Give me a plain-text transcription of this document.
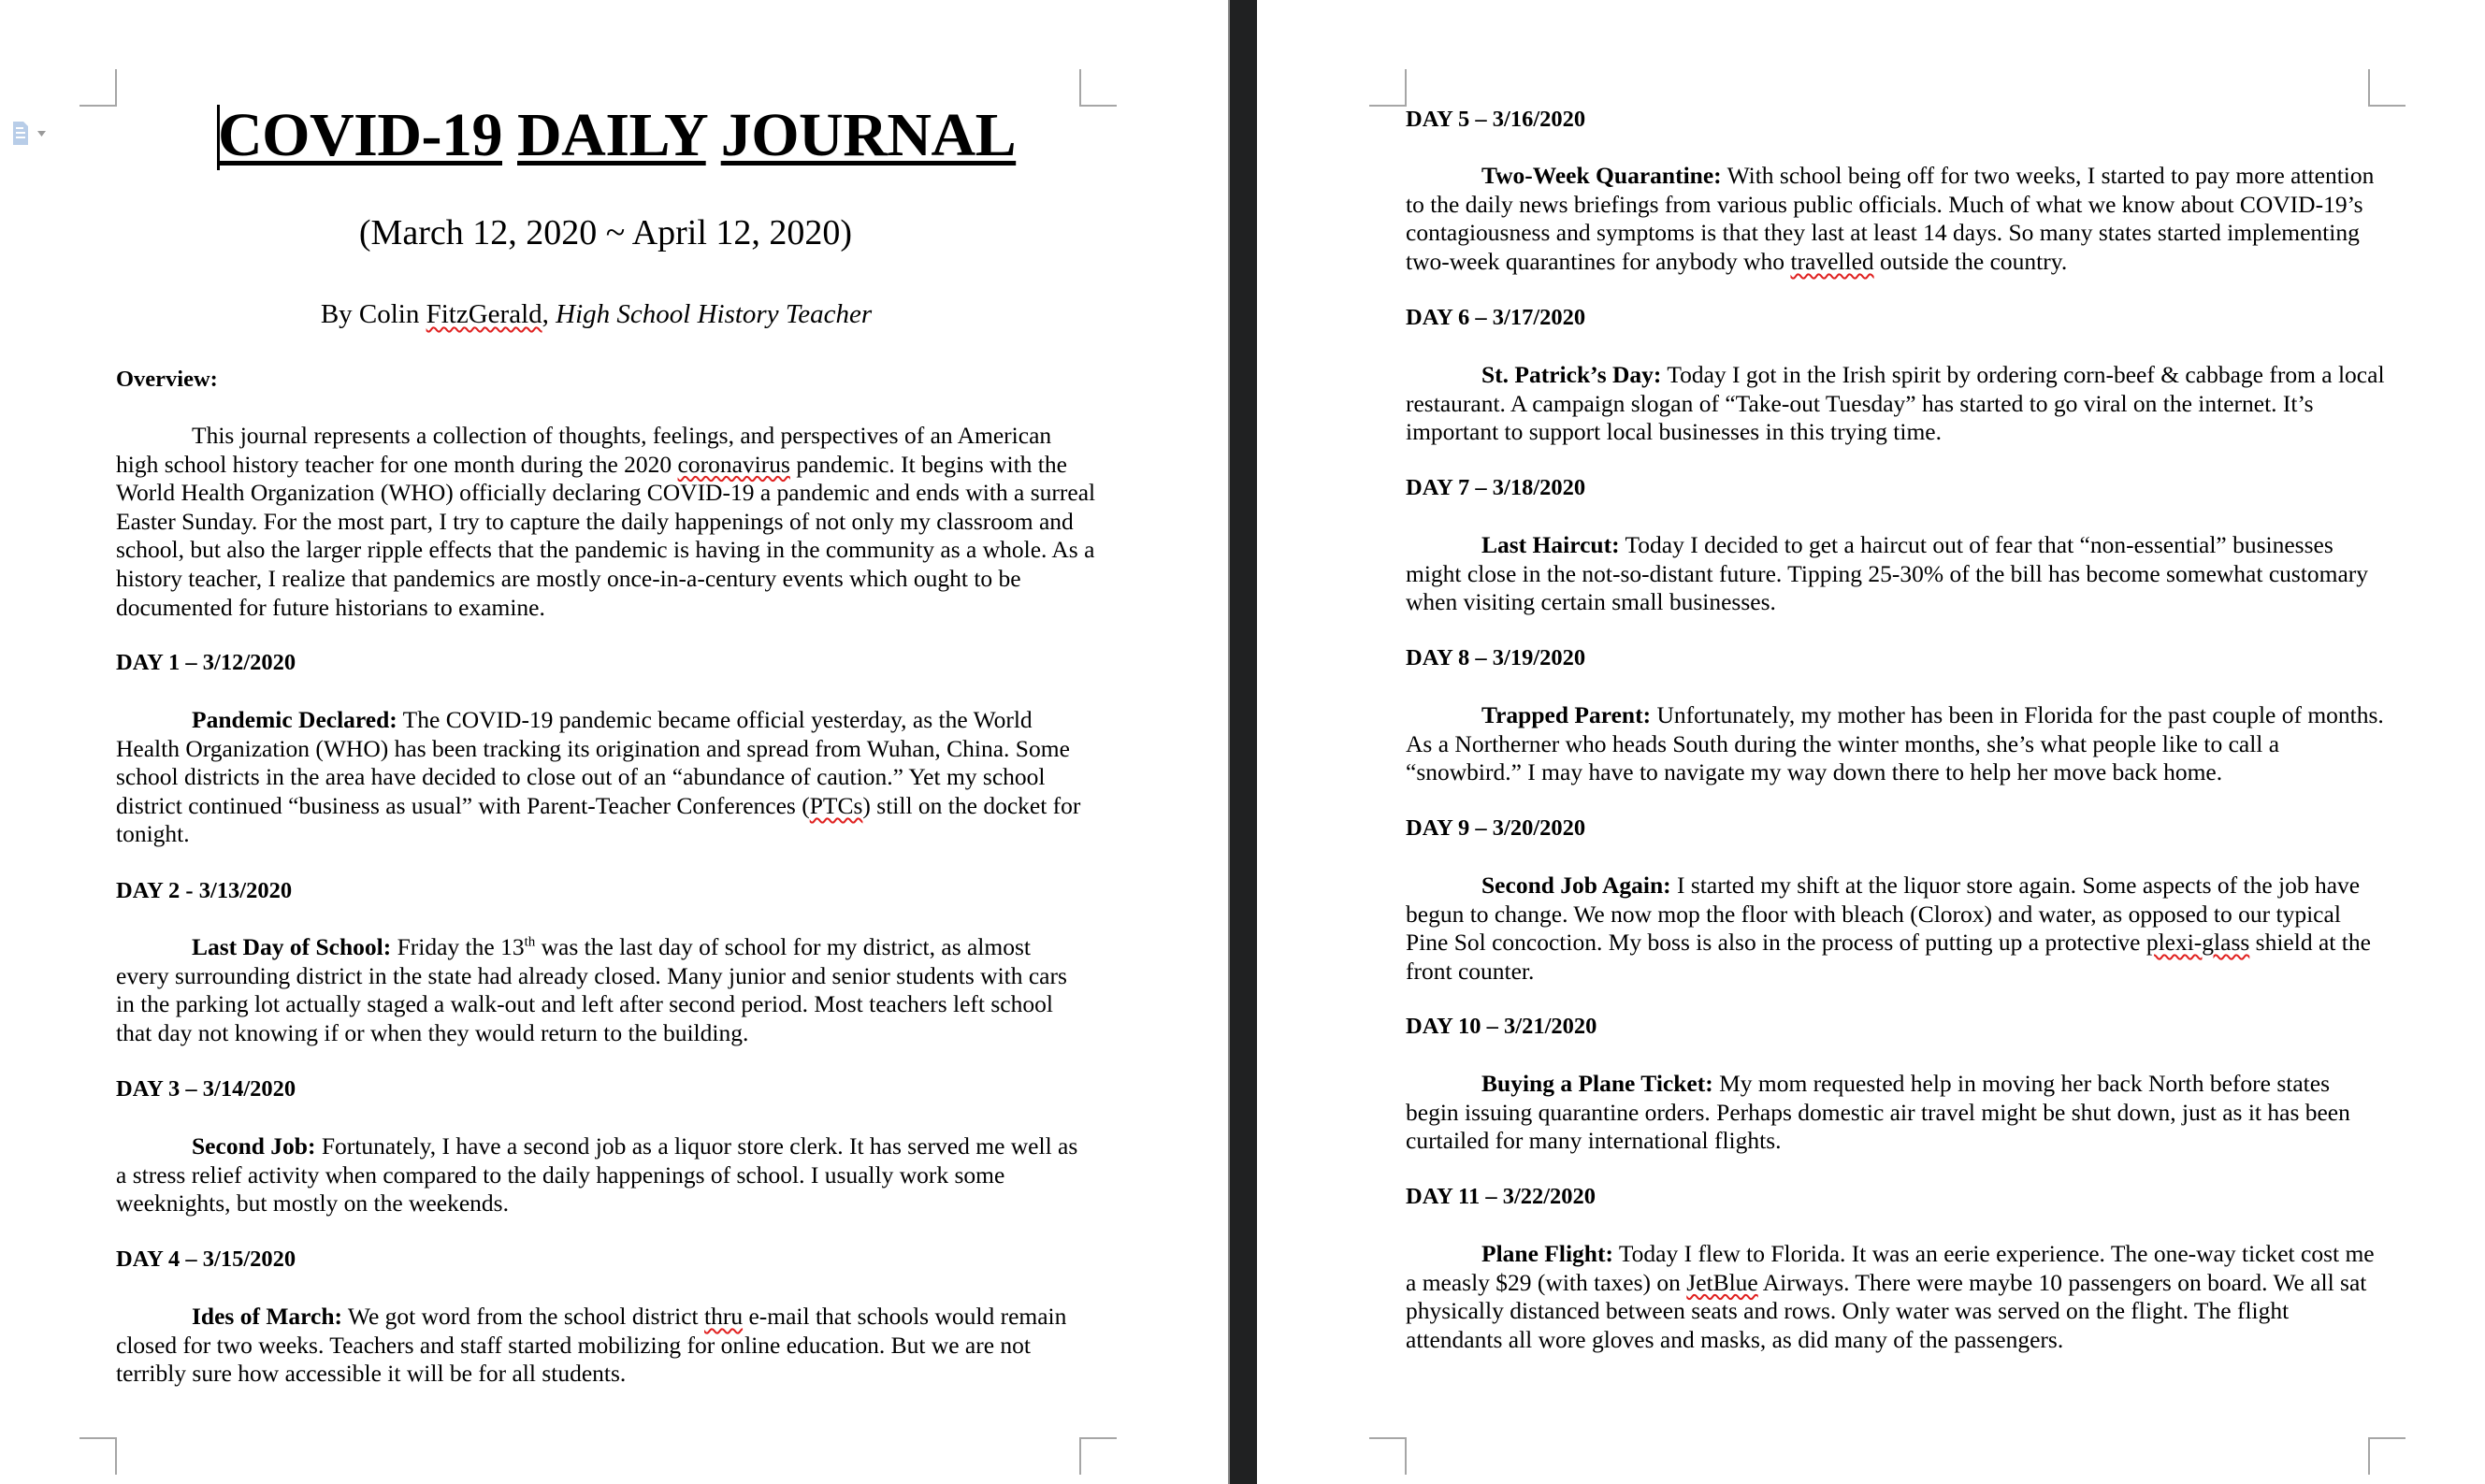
COVID-19 DAILY JOURNAL
(March 12, 2020 ~ April 12, 2020)
By Colin FitzGerald, High School History Teacher
Overview:
This journal represents a collection of thoughts, feelings, and perspectives of an American high school history teacher for one month during the 2020 coronavirus pandemic. It begins with the World Health Organization (WHO) officially declaring COVID-19 a pandemic and ends with a surreal Easter Sunday. For the most part, I try to capture the daily happenings of not only my classroom and school, but also the larger ripple effects that the pandemic is having in the community as a whole. As a history teacher, I realize that pandemics are mostly once-in-a-century events which ought to be documented for future historians to examine.
DAY 1 – 3/12/2020
Pandemic Declared: The COVID-19 pandemic became official yesterday, as the World Health Organization (WHO) has been tracking its origination and spread from Wuhan, China. Some school districts in the area have decided to close out of an “abundance of caution.” Yet my school district continued “business as usual” with Parent-Teacher Conferences (PTCs) still on the docket for tonight.
DAY 2 - 3/13/2020
Last Day of School: Friday the 13th was the last day of school for my district, as almost every surrounding district in the state had already closed. Many junior and senior students with cars in the parking lot actually staged a walk-out and left after second period. Most teachers left school that day not knowing if or when they would return to the building.
DAY 3 – 3/14/2020
Second Job: Fortunately, I have a second job as a liquor store clerk. It has served me well as a stress relief activity when compared to the daily happenings of school. I usually work some weeknights, but mostly on the weekends.
DAY 4 – 3/15/2020
Ides of March: We got word from the school district thru e-mail that schools would remain closed for two weeks. Teachers and staff started mobilizing for online education. But we are not terribly sure how accessible it will be for all students.
DAY 5 – 3/16/2020
Two-Week Quarantine: With school being off for two weeks, I started to pay more attention to the daily news briefings from various public officials. Much of what we know about COVID-19’s contagiousness and symptoms is that they last at least 14 days. So many states started implementing two-week quarantines for anybody who travelled outside the country.
DAY 6 – 3/17/2020
St. Patrick’s Day: Today I got in the Irish spirit by ordering corn-beef & cabbage from a local restaurant. A campaign slogan of “Take-out Tuesday” has started to go viral on the internet. It’s important to support local businesses in this trying time.
DAY 7 – 3/18/2020
Last Haircut: Today I decided to get a haircut out of fear that “non-essential” businesses might close in the not-so-distant future. Tipping 25-30% of the bill has become somewhat customary when visiting certain small businesses.
DAY 8 – 3/19/2020
Trapped Parent: Unfortunately, my mother has been in Florida for the past couple of months. As a Northerner who heads South during the winter months, she’s what people like to call a “snowbird.” I may have to navigate my way down there to help her move back home.
DAY 9 – 3/20/2020
Second Job Again: I started my shift at the liquor store again. Some aspects of the job have begun to change. We now mop the floor with bleach (Clorox) and water, as opposed to our typical Pine Sol concoction. My boss is also in the process of putting up a protective plexi-glass shield at the front counter.
DAY 10 – 3/21/2020
Buying a Plane Ticket: My mom requested help in moving her back North before states begin issuing quarantine orders. Perhaps domestic air travel might be shut down, just as it has been curtailed for many international flights.
DAY 11 – 3/22/2020
Plane Flight: Today I flew to Florida. It was an eerie experience. The one-way ticket cost me a measly $29 (with taxes) on JetBlue Airways. There were maybe 10 passengers on board. We all sat physically distanced between seats and rows. Only water was served on the flight. The flight attendants all wore gloves and masks, as did many of the passengers.
